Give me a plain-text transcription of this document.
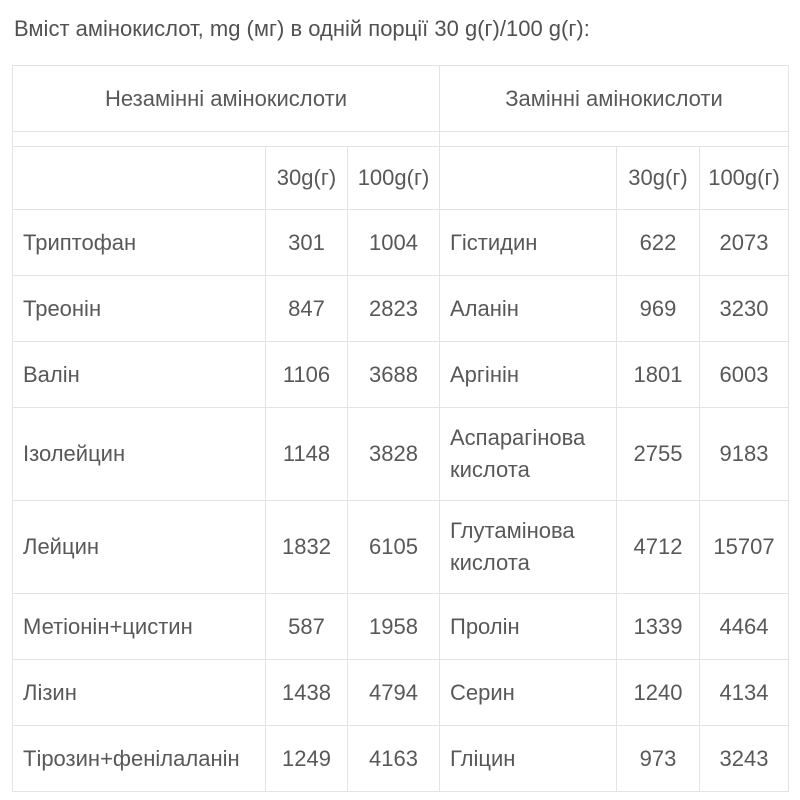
Вміст амінокислот, mg (мг) в одній порції 30 g(г)/100 g(г):
Незамінні амінокислоти			Замінні амінокислоти		

	30g(г)	100g(г)		30g(г)	100g(г)
Триптофан	301	1004	Гістидин	622	2073
Треонін	847	2823	Аланін	969	3230
Валін	1106	3688	Аргінін	1801	6003
Ізолейцин	1148	3828	Аспарагінова кислота	2755	9183
Лейцин	1832	6105	Глутамінова кислота	4712	15707
Метіонін+цистин	587	1958	Пролін	1339	4464
Лізин	1438	4794	Серин	1240	4134
Тірозин+фенілаланін	1249	4163	Гліцин	973	3243
